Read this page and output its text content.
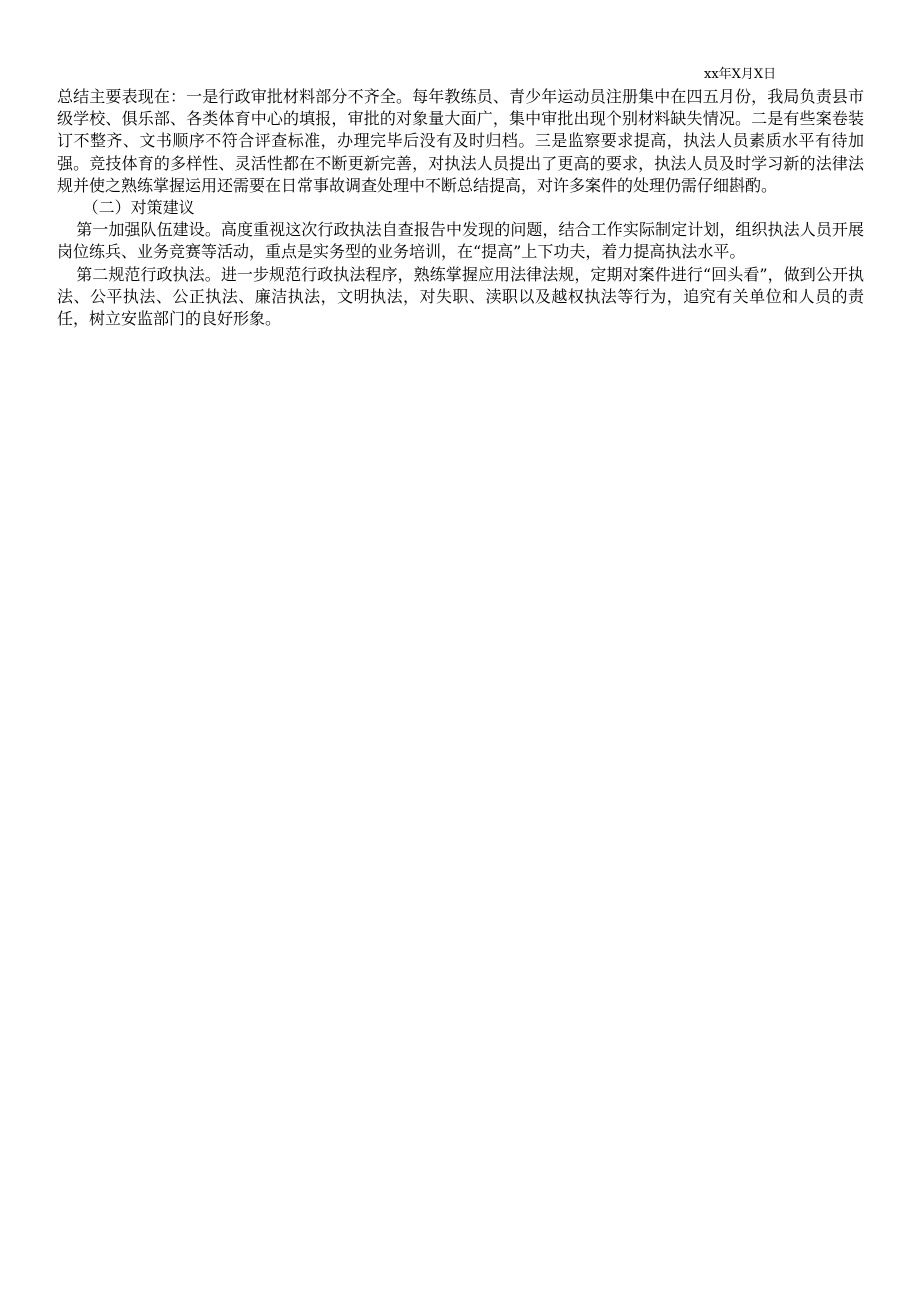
xx年X月X日

总结主要表现在：一是行政审批材料部分不齐全。每年教练员、青少年运动员注册集中在四五月份，我局负责县市级学校、俱乐部、各类体育中心的填报，审批的对象量大面广，集中审批出现个别材料缺失情况。二是有些案卷装订不整齐、文书顺序不符合评查标准，办理完毕后没有及时归档。三是监察要求提高，执法人员素质水平有待加强。竞技体育的多样性、灵活性都在不断更新完善，对执法人员提出了更高的要求，执法人员及时学习新的法律法规并使之熟练掌握运用还需要在日常事故调查处理中不断总结提高，对许多案件的处理仍需仔细斟酌。

（二）对策建议

第一加强队伍建设。高度重视这次行政执法自查报告中发现的问题，结合工作实际制定计划，组织执法人员开展岗位练兵、业务竞赛等活动，重点是实务型的业务培训，在“提高”上下功夫，着力提高执法水平。

第二规范行政执法。进一步规范行政执法程序，熟练掌握应用法律法规，定期对案件进行“回头看”，做到公开执法、公平执法、公正执法、廉洁执法，文明执法，对失职、渎职以及越权执法等行为，追究有关单位和人员的责任，树立安监部门的良好形象。
